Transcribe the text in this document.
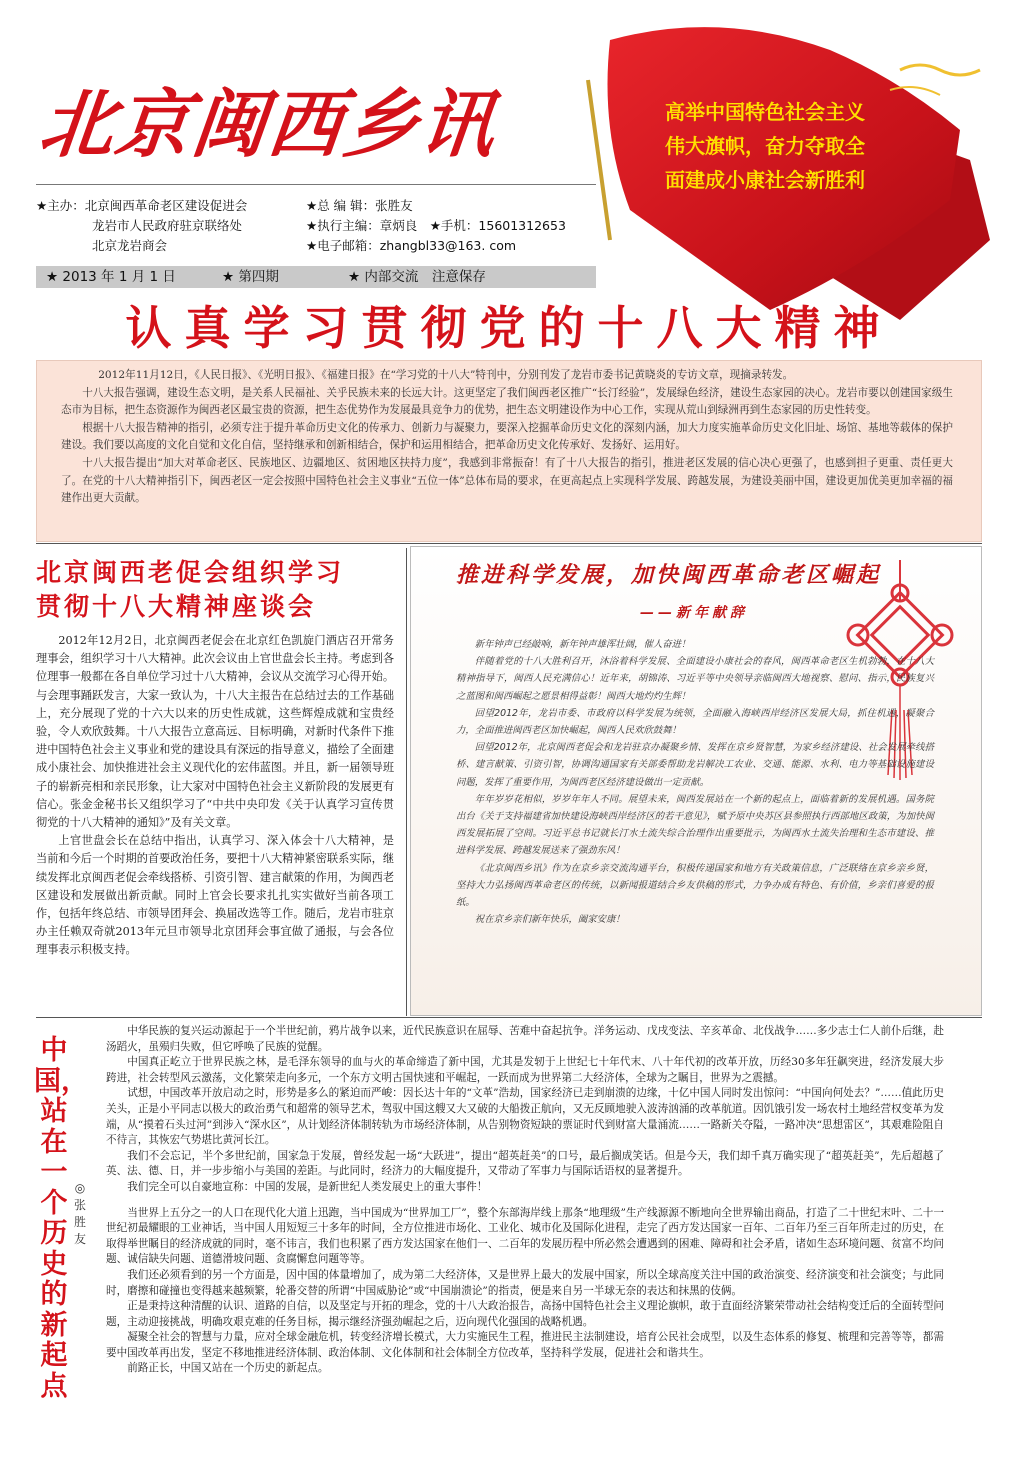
北京闽西乡讯	高举中国特色社会主义
伟大旗帜，奋力夺取全
面建成小康社会新胜利
★主办：北京闽西革命老区建设促进会
龙岩市人民政府驻京联络处
北京龙岩商会
★总 编 辑：张胜友
★执行主编：章炳良　★手机：15601312653
★电子邮箱：zhangbl33@163. com
★ 2013 年 1 月 1 日	★ 第四期	★ 内部交流　注意保存
认真学习贯彻党的十八大精神

2012年11月12日，《人民日报》、《光明日报》、《福建日报》在“学习党的十八大”特刊中，分别刊发了龙岩市委书记黄晓炎的专访文章，现摘录转发。

十八大报告强调，建设生态文明，是关系人民福祉、关乎民族未来的长远大计。这更坚定了我们闽西老区推广“长汀经验”，发展绿色经济，建设生态家园的决心。龙岩市要以创建国家级生态市为目标，把生态资源作为闽西老区最宝贵的资源，把生态优势作为发展最具竞争力的优势，把生态文明建设作为中心工作，实现从荒山到绿洲再到生态家园的历史性转变。

根据十八大报告精神的指引，必须专注于提升革命历史文化的传承力、创新力与凝聚力，要深入挖掘革命历史文化的深刻内涵，加大力度实施革命历史文化旧址、场馆、基地等载体的保护建设。我们要以高度的文化自觉和文化自信，坚持继承和创新相结合，保护和运用相结合，把革命历史文化传承好、发扬好、运用好。

十八大报告提出“加大对革命老区、民族地区、边疆地区、贫困地区扶持力度”，我感到非常振奋！有了十八大报告的指引，推进老区发展的信心决心更强了，也感到担子更重、责任更大了。在党的十八大精神指引下，闽西老区一定会按照中国特色社会主义事业“五位一体”总体布局的要求，在更高起点上实现科学发展、跨越发展，为建设美丽中国，建设更加优美更加幸福的福建作出更大贡献。

北京闽西老促会组织学习
贯彻十八大精神座谈会

2012年12月2日，北京闽西老促会在北京红色凯旋门酒店召开常务理事会，组织学习十八大精神。此次会议由上官世盘会长主持。考虑到各位理事一般都在各自单位学习过十八大精神，会议从交流学习心得开始。与会理事踊跃发言，大家一致认为，十八大主报告在总结过去的工作基础上，充分展现了党的十六大以来的历史性成就，这些辉煌成就和宝贵经验，令人欢欣鼓舞。十八大报告立意高远、目标明确，对新时代条件下推进中国特色社会主义事业和党的建设具有深远的指导意义，描绘了全面建成小康社会、加快推进社会主义现代化的宏伟蓝图。并且，新一届领导班子的崭新亮相和亲民形象，让大家对中国特色社会主义新阶段的发展更有信心。张金金秘书长又组织学习了“中共中央印发《关于认真学习宣传贯彻党的十八大精神的通知》”及有关文章。

上官世盘会长在总结中指出，认真学习、深入体会十八大精神，是当前和今后一个时期的首要政治任务，要把十八大精神紧密联系实际，继续发挥北京闽西老促会牵线搭桥、引资引智、建言献策的作用，为闽西老区建设和发展做出新贡献。同时上官会长要求扎扎实实做好当前各项工作，包括年终总结、市领导团拜会、换届改选等工作。随后，龙岩市驻京办主任赖双奇就2013年元旦市领导北京团拜会事宜做了通报，与会各位理事表示积极支持。

推进科学发展，加快闽西革命老区崛起
——新年献辞

新年钟声已经敲响，新年钟声雄浑壮阔，催人奋进！

伴随着党的十八大胜利召开，沐浴着科学发展、全面建设小康社会的春风，闽西革命老区生机勃勃，在十八大精神指导下，闽西人民充满信心！近年来，胡锦涛、习近平等中央领导亲临闽西大地视察、慰问、指示，民族复兴之蓝图和闽西崛起之愿景相得益彰！闽西大地灼灼生辉！

回望2012年，龙岩市委、市政府以科学发展为统领，全面融入海峡西岸经济区发展大局，抓住机遇，凝聚合力，全面推进闽西老区加快崛起，闽西人民欢欣鼓舞！

回望2012年，北京闽西老促会和龙岩驻京办凝聚乡情、发挥在京乡贤智慧，为家乡经济建设、社会发展牵线搭桥、建言献策、引资引智，协调沟通国家有关部委帮助龙岩解决工农业、交通、能源、水利、电力等基础设施建设问题，发挥了重要作用，为闽西老区经济建设做出一定贡献。

年年岁岁花相似，岁岁年年人不同。展望未来，闽西发展站在一个新的起点上，面临着新的发展机遇。国务院出台《关于支持福建省加快建设海峡西岸经济区的若干意见》，赋予原中央苏区县参照执行西部地区政策，为加快闽西发展拓展了空间。习近平总书记就长汀水土流失综合治理作出重要批示，为闽西水土流失治理和生态市建设、推进科学发展、跨越发展送来了强劲东风！

《北京闽西乡讯》作为在京乡亲交流沟通平台，积极传递国家和地方有关政策信息，广泛联络在京乡亲乡贤，坚持大力弘扬闽西革命老区的传统，以新闻报道结合乡友供稿的形式，力争办成有特色、有价值，乡亲们喜爱的报纸。

祝在京乡亲们新年快乐，阖家安康！

中国，站在一个历史的新起点
◎张胜友

中华民族的复兴运动源起于一个半世纪前，鸦片战争以来，近代民族意识在屈辱、苦难中奋起抗争。洋务运动、戊戌变法、辛亥革命、北伐战争……多少志士仁人前仆后继，赴汤蹈火，虽殒归失败，但它呼唤了民族的觉醒。

中国真正屹立于世界民族之林，是毛泽东领导的血与火的革命缔造了新中国，尤其是发轫于上世纪七十年代末、八十年代初的改革开放，历经30多年狂飙突进，经济发展大步跨进，社会转型风云激荡，文化繁荣走向多元，一个东方文明古国快速和平崛起，一跃而成为世界第二大经济体，全球为之瞩目，世界为之震撼。

试想，中国改革开放启动之时，形势是多么的紧迫而严峻：因长达十年的“文革”浩劫，国家经济已走到崩溃的边缘，十亿中国人同时发出惊问：“中国向何处去？”……值此历史关头，正是小平同志以极大的政治勇气和超常的领导艺术，驾驭中国这艘又大又破的大船拨正航向，又无反顾地驶入波涛汹涌的改革航道。因饥饿引发一场农村土地经营权变革为发端，从“摸着石头过河”到涉入“深水区”，从计划经济体制转轨为市场经济体制，从告别物资短缺的票证时代到财富大量涌流……一路新关夺隘，一路冲决“思想雷区”，其艰难险阻自不待言，其恢宏气势堪比黄河长江。

我们不会忘记，半个多世纪前，国家急于发展，曾经发起一场“大跃进”，提出“超英赶美”的口号，最后搁成笑话。但是今天，我们却千真万确实现了“超英赶美”，先后超越了英、法、德、日，并一步步缩小与美国的差距。与此同时，经济力的大幅度提升，又带动了军事力与国际话语权的显著提升。

我们完全可以自豪地宣称：中国的发展，是新世纪人类发展史上的重大事件！

当世界上五分之一的人口在现代化大道上迅跑，当中国成为“世界加工厂”，整个东部海岸线上那条“地理级”生产线源源不断地向全世界输出商品，打造了二十世纪末叶、二十一世纪初最耀眼的工业神话，当中国人用短短三十多年的时间，全方位推进市场化、工业化、城市化及国际化进程，走完了西方发达国家一百年、二百年乃至三百年所走过的历史，在取得举世瞩目的经济成就的同时，毫不讳言，我们也积累了西方发达国家在他们一、二百年的发展历程中所必然会遭遇到的困难、障碍和社会矛盾，诸如生态环境问题、贫富不均问题、诚信缺失问题、道德滑坡问题、贪腐懈怠问题等等。

我们还必须看到的另一个方面是，因中国的体量增加了，成为第二大经济体，又是世界上最大的发展中国家，所以全球高度关注中国的政治演变、经济演变和社会演变；与此同时，磨擦和碰撞也变得越来越频繁，轮番交替的所谓“中国威胁论”或“中国崩溃论”的指责，便是来自另一半球无奈的表达和抹黑的伎俩。

正是秉持这种清醒的认识、道路的自信，以及坚定与开拓的理念，党的十八大政治报告，高扬中国特色社会主义理论旗帜，敢于直面经济繁荣带动社会结构变迁后的全面转型问题，主动迎接挑战，明确攻艰克难的任务目标，揭示继经济强劲崛起之后，迈向现代化强国的战略机遇。

凝聚全社会的智慧与力量，应对全球金融危机，转变经济增长模式，大力实施民生工程，推进民主法制建设，培育公民社会成型，以及生态体系的修复、梳理和完善等等，都需要中国改革再出发，坚定不移地推进经济体制、政治体制、文化体制和社会体制全方位改革，坚持科学发展，促进社会和谐共生。

前路正长，中国又站在一个历史的新起点。
